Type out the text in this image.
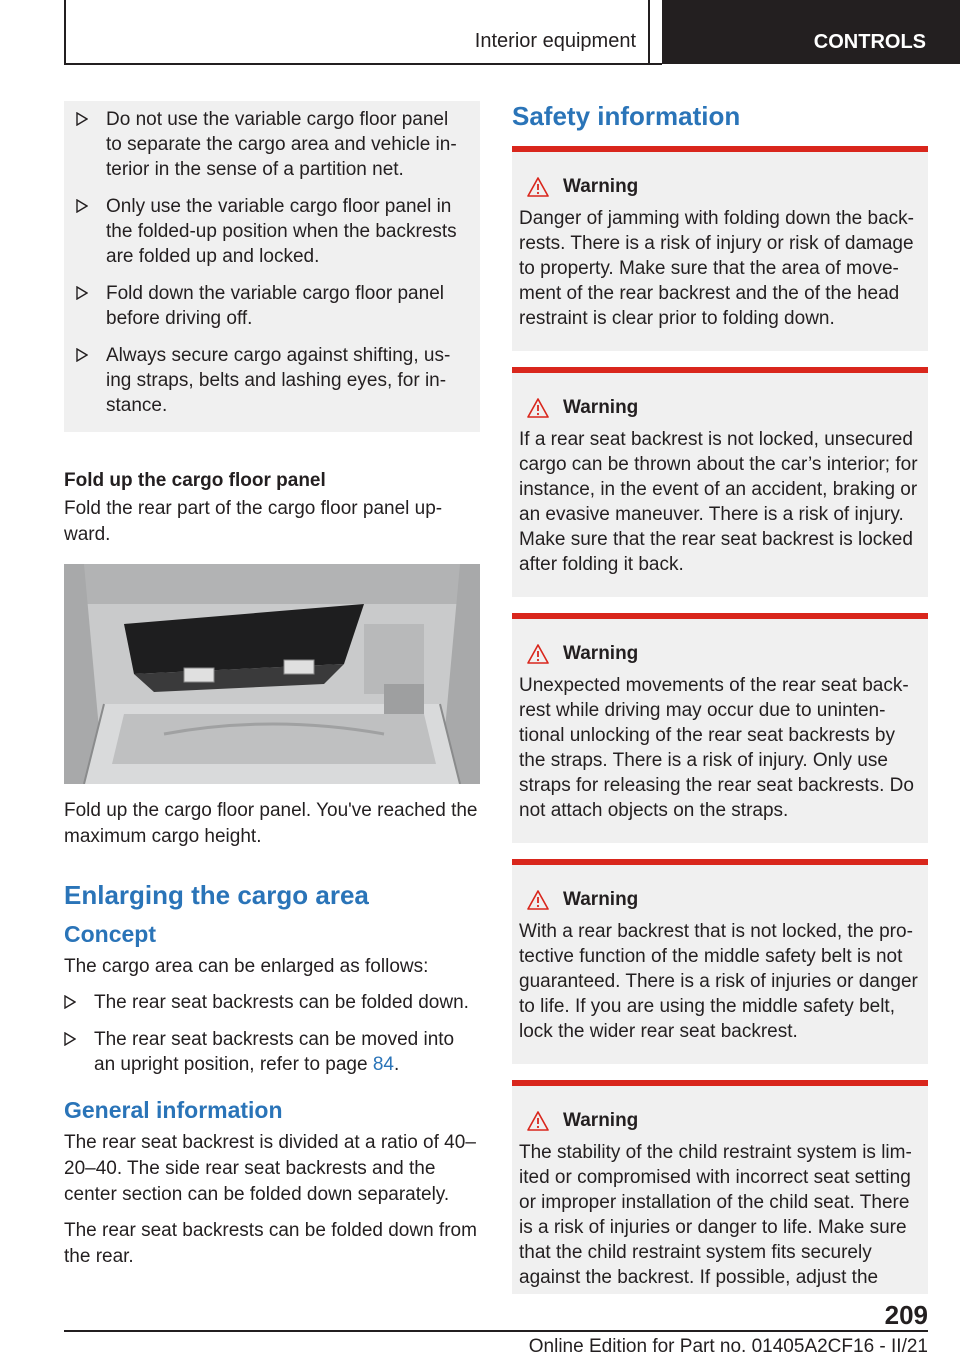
Interior equipment	CONTROLS
Do not use the variable cargo floor panel to separate the cargo area and vehicle in-terior in the sense of a partition net.
Only use the variable cargo floor panel in the folded-up position when the backrests are folded up and locked.
Fold down the variable cargo floor panel before driving off.
Always secure cargo against shifting, us-ing straps, belts and lashing eyes, for in-stance.
Fold up the cargo floor panel

Fold the rear part of the cargo floor panel up-ward.

Fold up the cargo floor panel. You've reached the maximum cargo height.

Enlarging the cargo area
Concept

The cargo area can be enlarged as follows:

The rear seat backrests can be folded down.
The rear seat backrests can be moved into an upright position, refer to page 84.
General information

The rear seat backrest is divided at a ratio of 40–20–40. The side rear seat backrests and the center section can be folded down separately.

The rear seat backrests can be folded down from the rear.

Safety information
Warning
Danger of jamming with folding down the back-rests. There is a risk of injury or risk of damage to property. Make sure that the area of move-ment of the rear backrest and the of the head restraint is clear prior to folding down.
Warning
If a rear seat backrest is not locked, unsecured cargo can be thrown about the car’s interior; for instance, in the event of an accident, braking or an evasive maneuver. There is a risk of injury. Make sure that the rear seat backrest is locked after folding it back.
Warning
Unexpected movements of the rear seat back-rest while driving may occur due to uninten-tional unlocking of the rear seat backrests by the straps. There is a risk of injury. Only use straps for releasing the rear seat backrests. Do not attach objects on the straps.
Warning
With a rear backrest that is not locked, the pro-tective function of the middle safety belt is not guaranteed. There is a risk of injuries or danger to life. If you are using the middle safety belt, lock the wider rear seat backrest.
Warning
The stability of the child restraint system is lim-ited or compromised with incorrect seat setting or improper installation of the child seat. There is a risk of injuries or danger to life. Make sure that the child restraint system fits securely against the backrest. If possible, adjust the
209
Online Edition for Part no. 01405A2CF16 - II/21
